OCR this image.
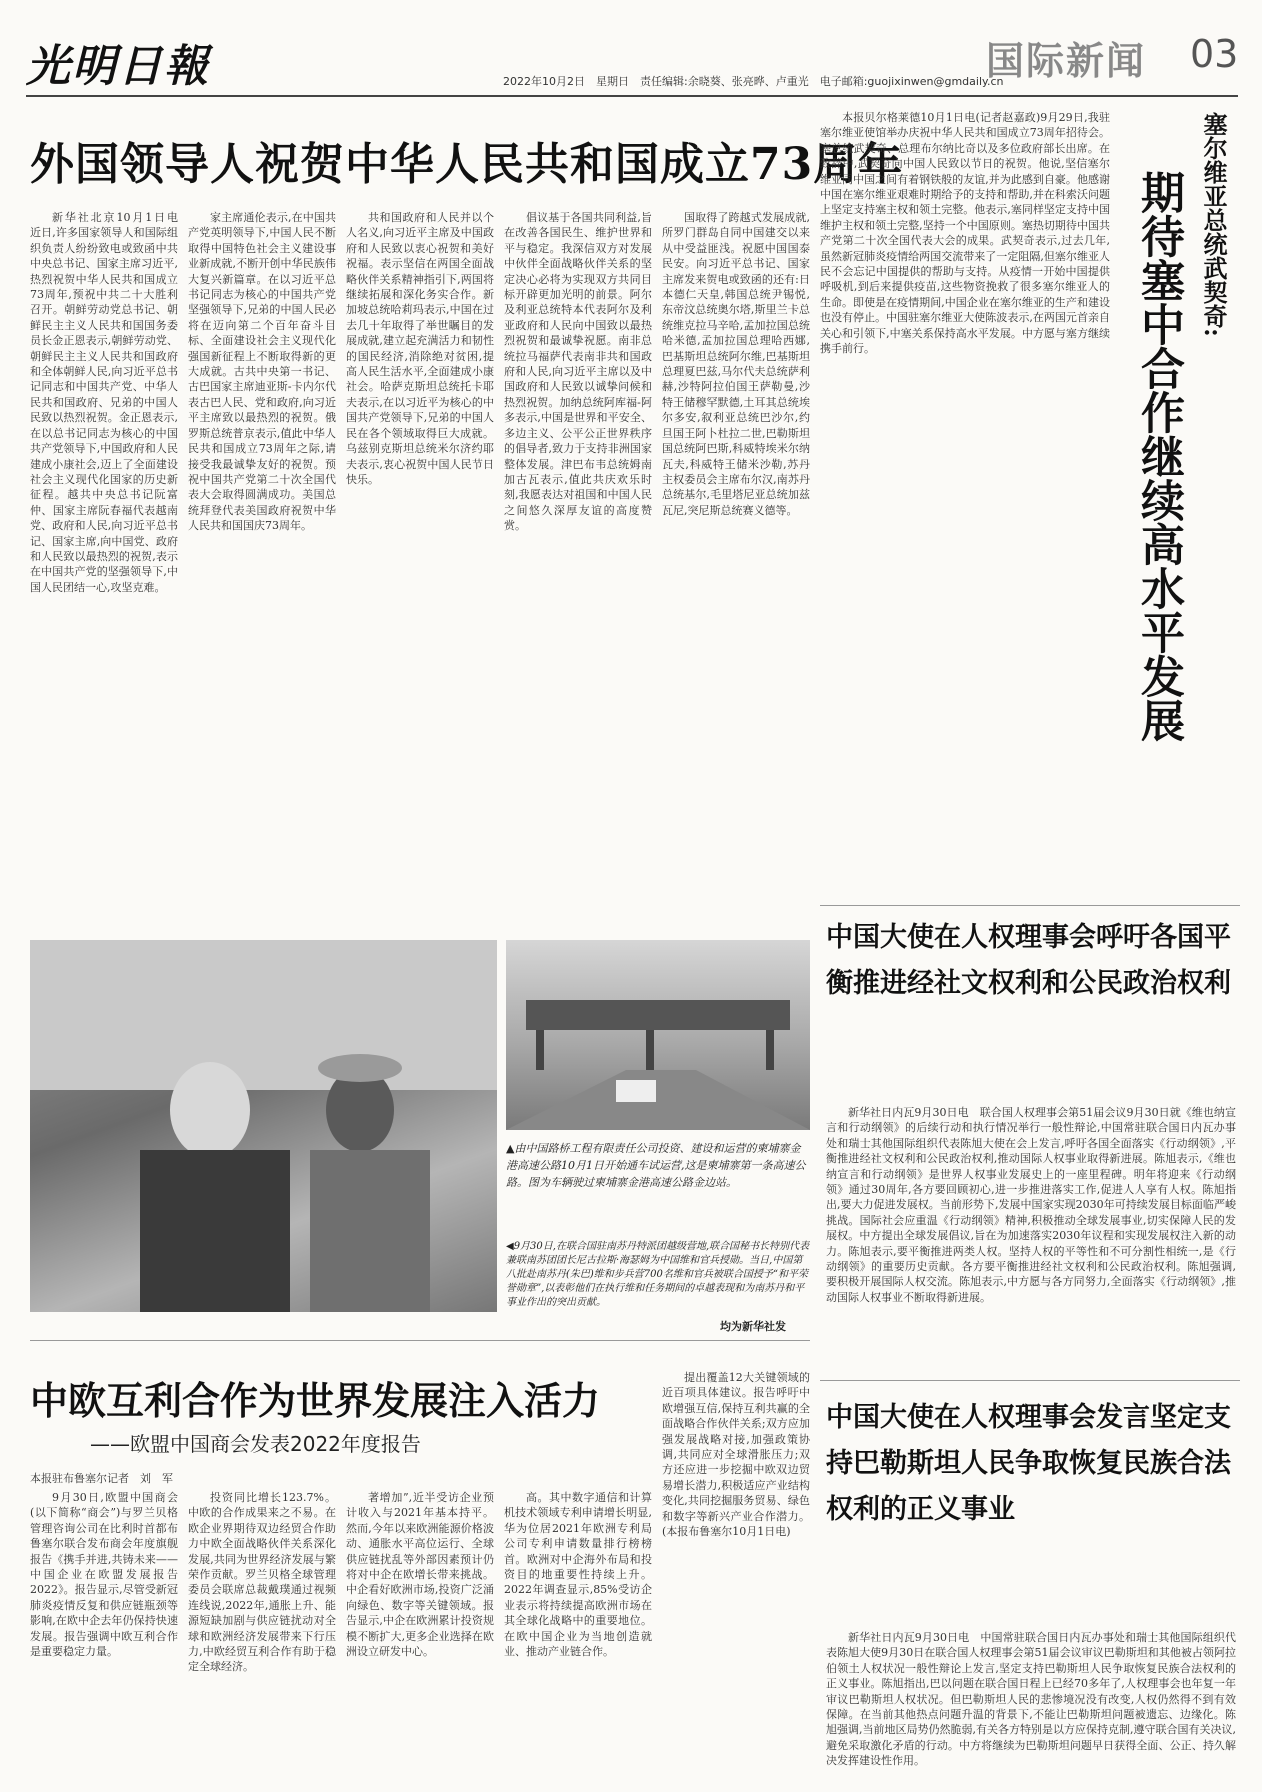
光明日報	2022年10月2日　星期日　责任编辑:余晓葵、张亮晔、卢重光　电子邮箱:guojixinwen@gmdaily.cn
国际新闻 03
外国领导人祝贺中华人民共和国成立73周年

新华社北京10月1日电　近日,许多国家领导人和国际组织负责人纷纷致电或致函中共中央总书记、国家主席习近平,热烈祝贺中华人民共和国成立73周年,预祝中共二十大胜利召开。朝鲜劳动党总书记、朝鲜民主主义人民共和国国务委员长金正恩表示,朝鲜劳动党、朝鲜民主主义人民共和国政府和全体朝鲜人民,向习近平总书记同志和中国共产党、中华人民共和国政府、兄弟的中国人民致以热烈祝贺。金正恩表示,在以总书记同志为核心的中国共产党领导下,中国政府和人民建成小康社会,迈上了全面建设社会主义现代化国家的历史新征程。越共中央总书记阮富仲、国家主席阮春福代表越南党、政府和人民,向习近平总书记、国家主席,向中国党、政府和人民致以最热烈的祝贺,表示在中国共产党的坚强领导下,中国人民团结一心,攻坚克难。

家主席通伦表示,在中国共产党英明领导下,中国人民不断取得中国特色社会主义建设事业新成就,不断开创中华民族伟大复兴新篇章。在以习近平总书记同志为核心的中国共产党坚强领导下,兄弟的中国人民必将在迈向第二个百年奋斗目标、全面建设社会主义现代化强国新征程上不断取得新的更大成就。古共中央第一书记、古巴国家主席迪亚斯-卡内尔代表古巴人民、党和政府,向习近平主席致以最热烈的祝贺。俄罗斯总统普京表示,值此中华人民共和国成立73周年之际,请接受我最诚挚友好的祝贺。预祝中国共产党第二十次全国代表大会取得圆满成功。美国总统拜登代表美国政府祝贺中华人民共和国国庆73周年。

共和国政府和人民并以个人名义,向习近平主席及中国政府和人民致以衷心祝贺和美好祝福。表示坚信在两国全面战略伙伴关系精神指引下,两国将继续拓展和深化务实合作。新加坡总统哈莉玛表示,中国在过去几十年取得了举世瞩目的发展成就,建立起充满活力和韧性的国民经济,消除绝对贫困,提高人民生活水平,全面建成小康社会。哈萨克斯坦总统托卡耶夫表示,在以习近平为核心的中国共产党领导下,兄弟的中国人民在各个领域取得巨大成就。乌兹别克斯坦总统米尔济约耶夫表示,衷心祝贺中国人民节日快乐。

倡议基于各国共同利益,旨在改善各国民生、维护世界和平与稳定。我深信双方对发展中伙伴全面战略伙伴关系的坚定决心必将为实现双方共同目标开辟更加光明的前景。阿尔及利亚总统特本代表阿尔及利亚政府和人民向中国致以最热烈祝贺和最诚挚祝愿。南非总统拉马福萨代表南非共和国政府和人民,向习近平主席以及中国政府和人民致以诚挚问候和热烈祝贺。加纳总统阿库福-阿多表示,中国是世界和平安全、多边主义、公平公正世界秩序的倡导者,致力于支持非洲国家整体发展。津巴布韦总统姆南加古瓦表示,值此共庆欢乐时刻,我愿表达对祖国和中国人民之间悠久深厚友谊的高度赞赏。

国取得了跨越式发展成就,所罗门群岛自同中国建交以来从中受益匪浅。祝愿中国国泰民安。向习近平总书记、国家主席发来贺电或致函的还有:日本德仁天皇,韩国总统尹锡悦,东帝汶总统奥尔塔,斯里兰卡总统维克拉马辛哈,孟加拉国总统哈米德,孟加拉国总理哈西娜,巴基斯坦总统阿尔维,巴基斯坦总理夏巴兹,马尔代夫总统萨利赫,沙特阿拉伯国王萨勒曼,沙特王储穆罕默德,土耳其总统埃尔多安,叙利亚总统巴沙尔,约旦国王阿卜杜拉二世,巴勒斯坦国总统阿巴斯,科威特埃米尔纳瓦夫,科威特王储米沙勒,苏丹主权委员会主席布尔汉,南苏丹总统基尔,毛里塔尼亚总统加兹瓦尼,突尼斯总统赛义德等。

塞尔维亚总统武契奇:
期待塞中合作继续高水平发展

本报贝尔格莱德10月1日电(记者赵嘉政)9月29日,我驻塞尔维亚使馆举办庆祝中华人民共和国成立73周年招待会。塞总统武契奇、总理布尔纳比奇以及多位政府部长出席。在致辞中,武契奇向中国人民致以节日的祝贺。他说,坚信塞尔维亚同中国之间有着钢铁般的友谊,并为此感到自豪。他感谢中国在塞尔维亚艰难时期给予的支持和帮助,并在科索沃问题上坚定支持塞主权和领土完整。他表示,塞同样坚定支持中国维护主权和领土完整,坚持一个中国原则。塞热切期待中国共产党第二十次全国代表大会的成果。武契奇表示,过去几年,虽然新冠肺炎疫情给两国交流带来了一定阻隔,但塞尔维亚人民不会忘记中国提供的帮助与支持。从疫情一开始中国提供呼吸机,到后来提供疫苗,这些物资挽救了很多塞尔维亚人的生命。即使是在疫情期间,中国企业在塞尔维亚的生产和建设也没有停止。中国驻塞尔维亚大使陈波表示,在两国元首亲自关心和引领下,中塞关系保持高水平发展。中方愿与塞方继续携手前行。

中国大使在人权理事会呼吁各国平衡推进经社文权利和公民政治权利

新华社日内瓦9月30日电　联合国人权理事会第51届会议9月30日就《维也纳宣言和行动纲领》的后续行动和执行情况举行一般性辩论,中国常驻联合国日内瓦办事处和瑞士其他国际组织代表陈旭大使在会上发言,呼吁各国全面落实《行动纲领》,平衡推进经社文权利和公民政治权利,推动国际人权事业取得新进展。陈旭表示,《维也纳宣言和行动纲领》是世界人权事业发展史上的一座里程碑。明年将迎来《行动纲领》通过30周年,各方要回顾初心,进一步推进落实工作,促进人人享有人权。陈旭指出,要大力促进发展权。当前形势下,发展中国家实现2030年可持续发展目标面临严峻挑战。国际社会应重温《行动纲领》精神,积极推动全球发展事业,切实保障人民的发展权。中方提出全球发展倡议,旨在为加速落实2030年议程和实现发展权注入新的动力。陈旭表示,要平衡推进两类人权。坚持人权的平等性和不可分割性相统一,是《行动纲领》的重要历史贡献。各方要平衡推进经社文权利和公民政治权利。陈旭强调,要积极开展国际人权交流。陈旭表示,中方愿与各方同努力,全面落实《行动纲领》,推动国际人权事业不断取得新进展。

中国大使在人权理事会发言坚定支持巴勒斯坦人民争取恢复民族合法权利的正义事业

新华社日内瓦9月30日电　中国常驻联合国日内瓦办事处和瑞士其他国际组织代表陈旭大使9月30日在联合国人权理事会第51届会议审议巴勒斯坦和其他被占领阿拉伯领土人权状况一般性辩论上发言,坚定支持巴勒斯坦人民争取恢复民族合法权利的正义事业。陈旭指出,巴以问题在联合国日程上已经70多年了,人权理事会也年复一年审议巴勒斯坦人权状况。但巴勒斯坦人民的悲惨境况没有改变,人权仍然得不到有效保障。在当前其他热点问题升温的背景下,不能让巴勒斯坦问题被遗忘、边缘化。陈旭强调,当前地区局势仍然脆弱,有关各方特别是以方应保持克制,遵守联合国有关决议,避免采取激化矛盾的行动。中方将继续为巴勒斯坦问题早日获得全面、公正、持久解决发挥建设性作用。

▲由中国路桥工程有限责任公司投资、建设和运营的柬埔寨金港高速公路10月1日开始通车试运营,这是柬埔寨第一条高速公路。图为车辆驶过柬埔寨金港高速公路金边站。
◀9月30日,在联合国驻南苏丹特派团越级营地,联合国秘书长特别代表兼联南苏团团长尼古拉斯·海瑟姆为中国维和官兵授勋。当日,中国第八批赴南苏丹(朱巴)维和步兵营700名维和官兵被联合国授予“和平荣誉勋章”,以表彰他们在执行维和任务期间的卓越表现和为南苏丹和平事业作出的突出贡献。
均为新华社发
中欧互利合作为世界发展注入活力
——欧盟中国商会发表2022年度报告
本报驻布鲁塞尔记者　刘　军

9月30日,欧盟中国商会(以下简称“商会”)与罗兰贝格管理咨询公司在比利时首都布鲁塞尔联合发布商会年度旗舰报告《携手并进,共铸未来——中国企业在欧盟发展报告2022》。报告显示,尽管受新冠肺炎疫情反复和供应链瓶颈等影响,在欧中企去年仍保持快速发展。报告强调中欧互利合作是重要稳定力量。

投资同比增长123.7%。中欧的合作成果来之不易。在欧企业界期待双边经贸合作助力中欧全面战略伙伴关系深化发展,共同为世界经济发展与繁荣作贡献。罗兰贝格全球管理委员会联席总裁戴璞通过视频连线说,2022年,通胀上升、能源短缺加剧与供应链扰动对全球和欧洲经济发展带来下行压力,中欧经贸互利合作有助于稳定全球经济。

著增加”,近半受访企业预计收入与2021年基本持平。然而,今年以来欧洲能源价格波动、通胀水平高位运行、全球供应链扰乱等外部因素预计仍将对中企在欧增长带来挑战。中企看好欧洲市场,投资广泛涌向绿色、数字等关键领域。报告显示,中企在欧洲累计投资规模不断扩大,更多企业选择在欧洲设立研发中心。

高。其中数字通信和计算机技术领域专利申请增长明显,华为位居2021年欧洲专利局公司专利申请数量排行榜榜首。欧洲对中企海外布局和投资目的地重要性持续上升。2022年调查显示,85%受访企业表示将持续提高欧洲市场在其全球化战略中的重要地位。在欧中国企业为当地创造就业、推动产业链合作。

提出覆盖12大关键领域的近百项具体建议。报告呼吁中欧增强互信,保持互利共赢的全面战略合作伙伴关系;双方应加强发展战略对接,加强政策协调,共同应对全球滑胀压力;双方还应进一步挖掘中欧双边贸易增长潜力,积极适应产业结构变化,共同挖掘服务贸易、绿色和数字等新兴产业合作潜力。(本报布鲁塞尔10月1日电)
